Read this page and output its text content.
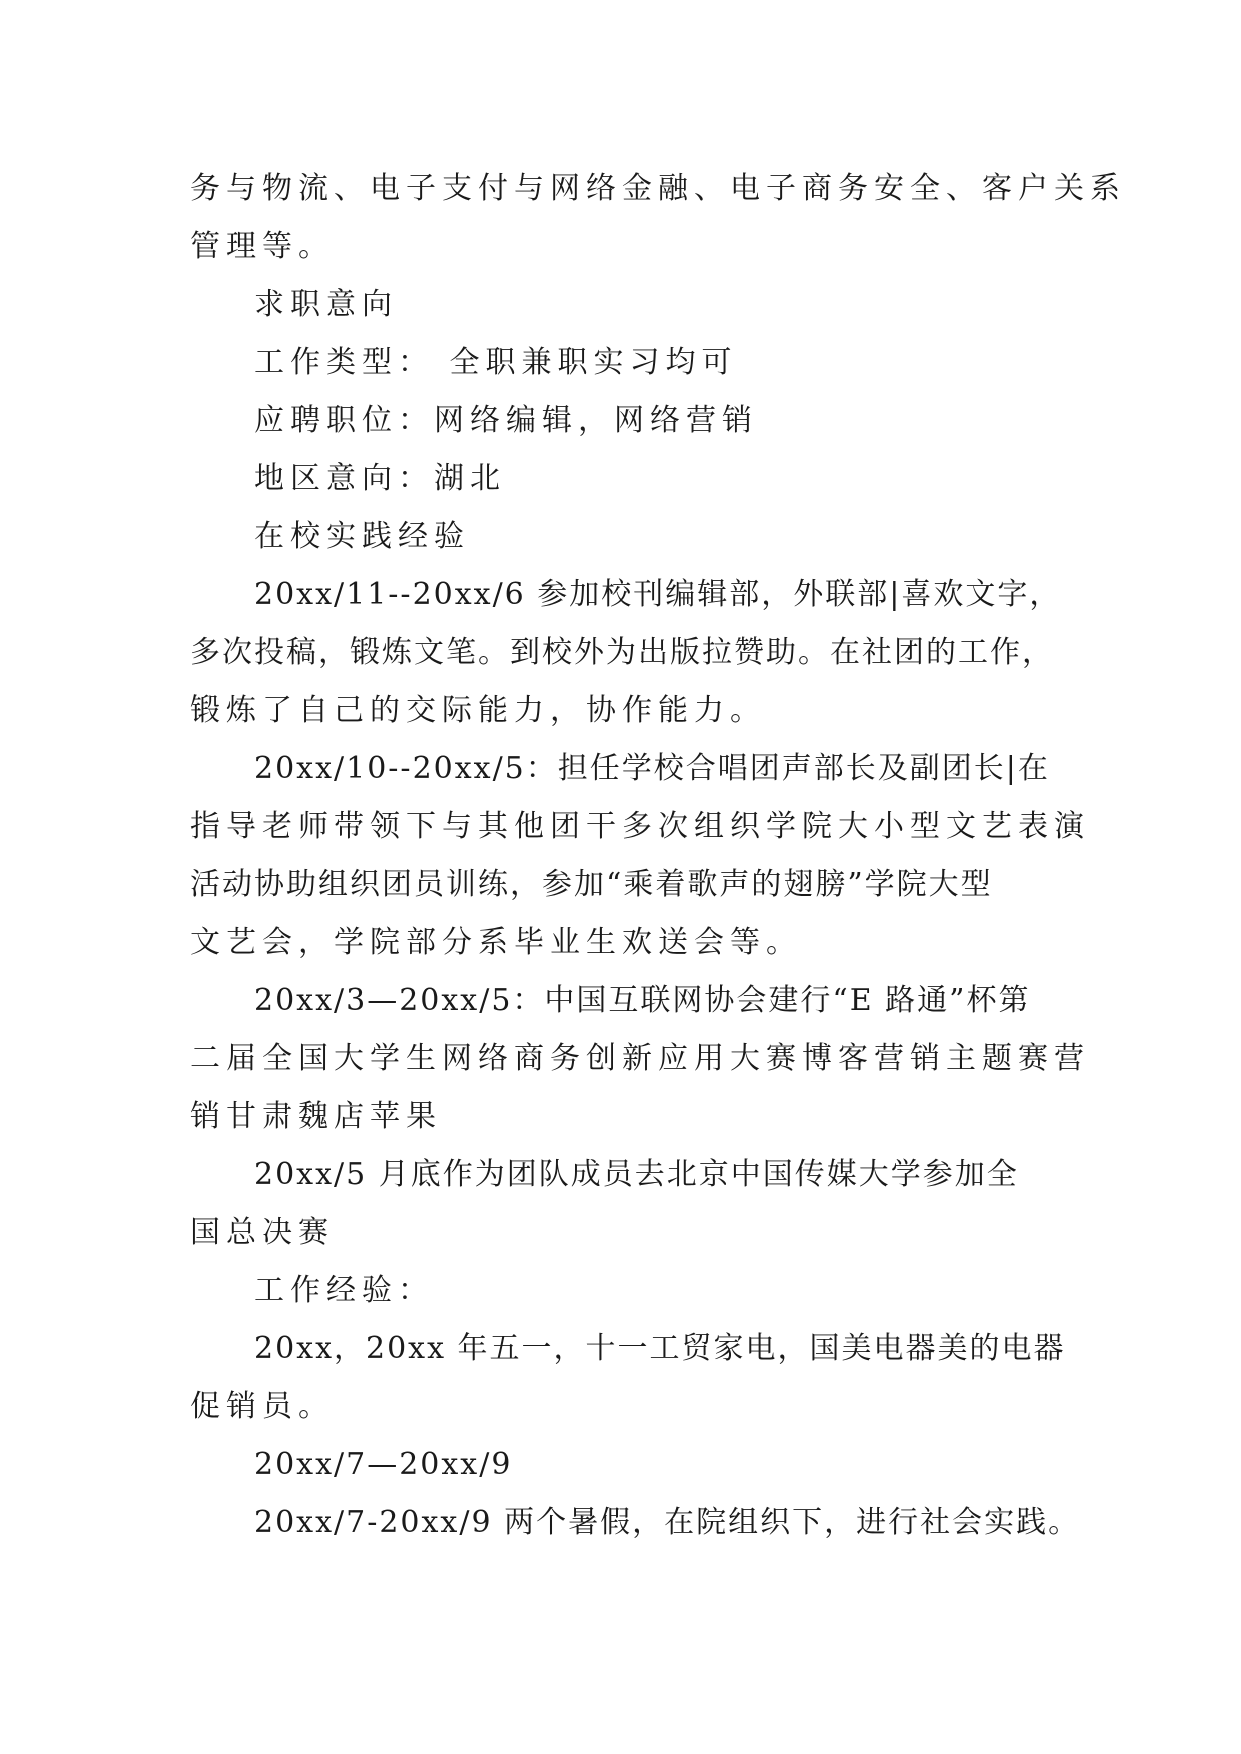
务与物流、电子支付与网络金融、电子商务安全、客户关系
管理等。
求职意向
工作类型： 全职兼职实习均可
应聘职位：网络编辑，网络营销
地区意向：湖北
在校实践经验
20xx/11--20xx/6 参加校刊编辑部，外联部|喜欢文字，
多次投稿，锻炼文笔。到校外为出版拉赞助。在社团的工作，
锻炼了自己的交际能力，协作能力。
20xx/10--20xx/5：担任学校合唱团声部长及副团长|在
指导老师带领下与其他团干多次组织学院大小型文艺表演
活动协助组织团员训练，参加“乘着歌声的翅膀”学院大型
文艺会，学院部分系毕业生欢送会等。
20xx/3—20xx/5：中国互联网协会建行“E 路通”杯第
二届全国大学生网络商务创新应用大赛博客营销主题赛营
销甘肃魏店苹果
20xx/5 月底作为团队成员去北京中国传媒大学参加全
国总决赛
工作经验：
20xx，20xx 年五一，十一工贸家电，国美电器美的电器
促销员。
20xx/7—20xx/9
20xx/7-20xx/9 两个暑假，在院组织下，进行社会实践。
